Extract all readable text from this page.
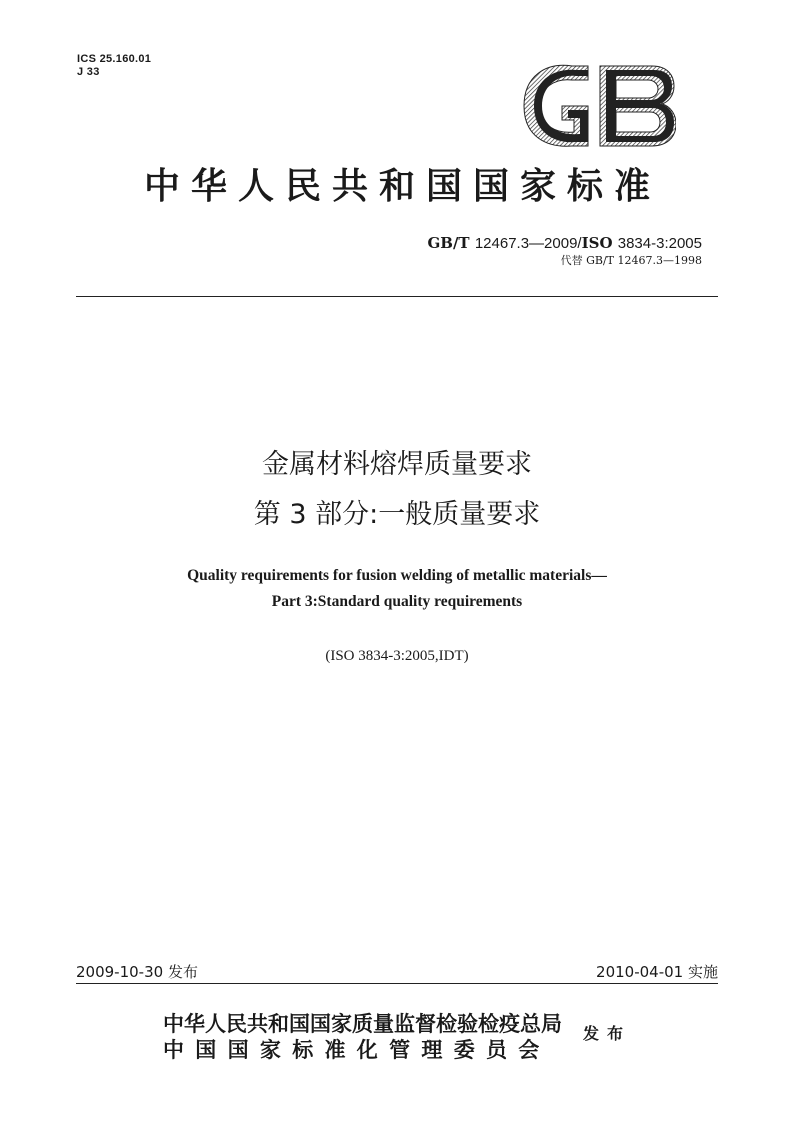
ICS 25.160.01
J 33
中华人民共和国国家标准
GB/T 12467.3—2009/ISO 3834-3:2005
代替 GB/T 12467.3—1998
金属材料熔焊质量要求
第 3 部分:一般质量要求
Quality requirements for fusion welding of metallic materials—
Part 3:Standard quality requirements
(ISO 3834-3:2005,IDT)
2009-10-30 发布	2010-04-01 实施
中华人民共和国国家质量监督检验检疫总局
中国国家标准化管理委员会
发布
